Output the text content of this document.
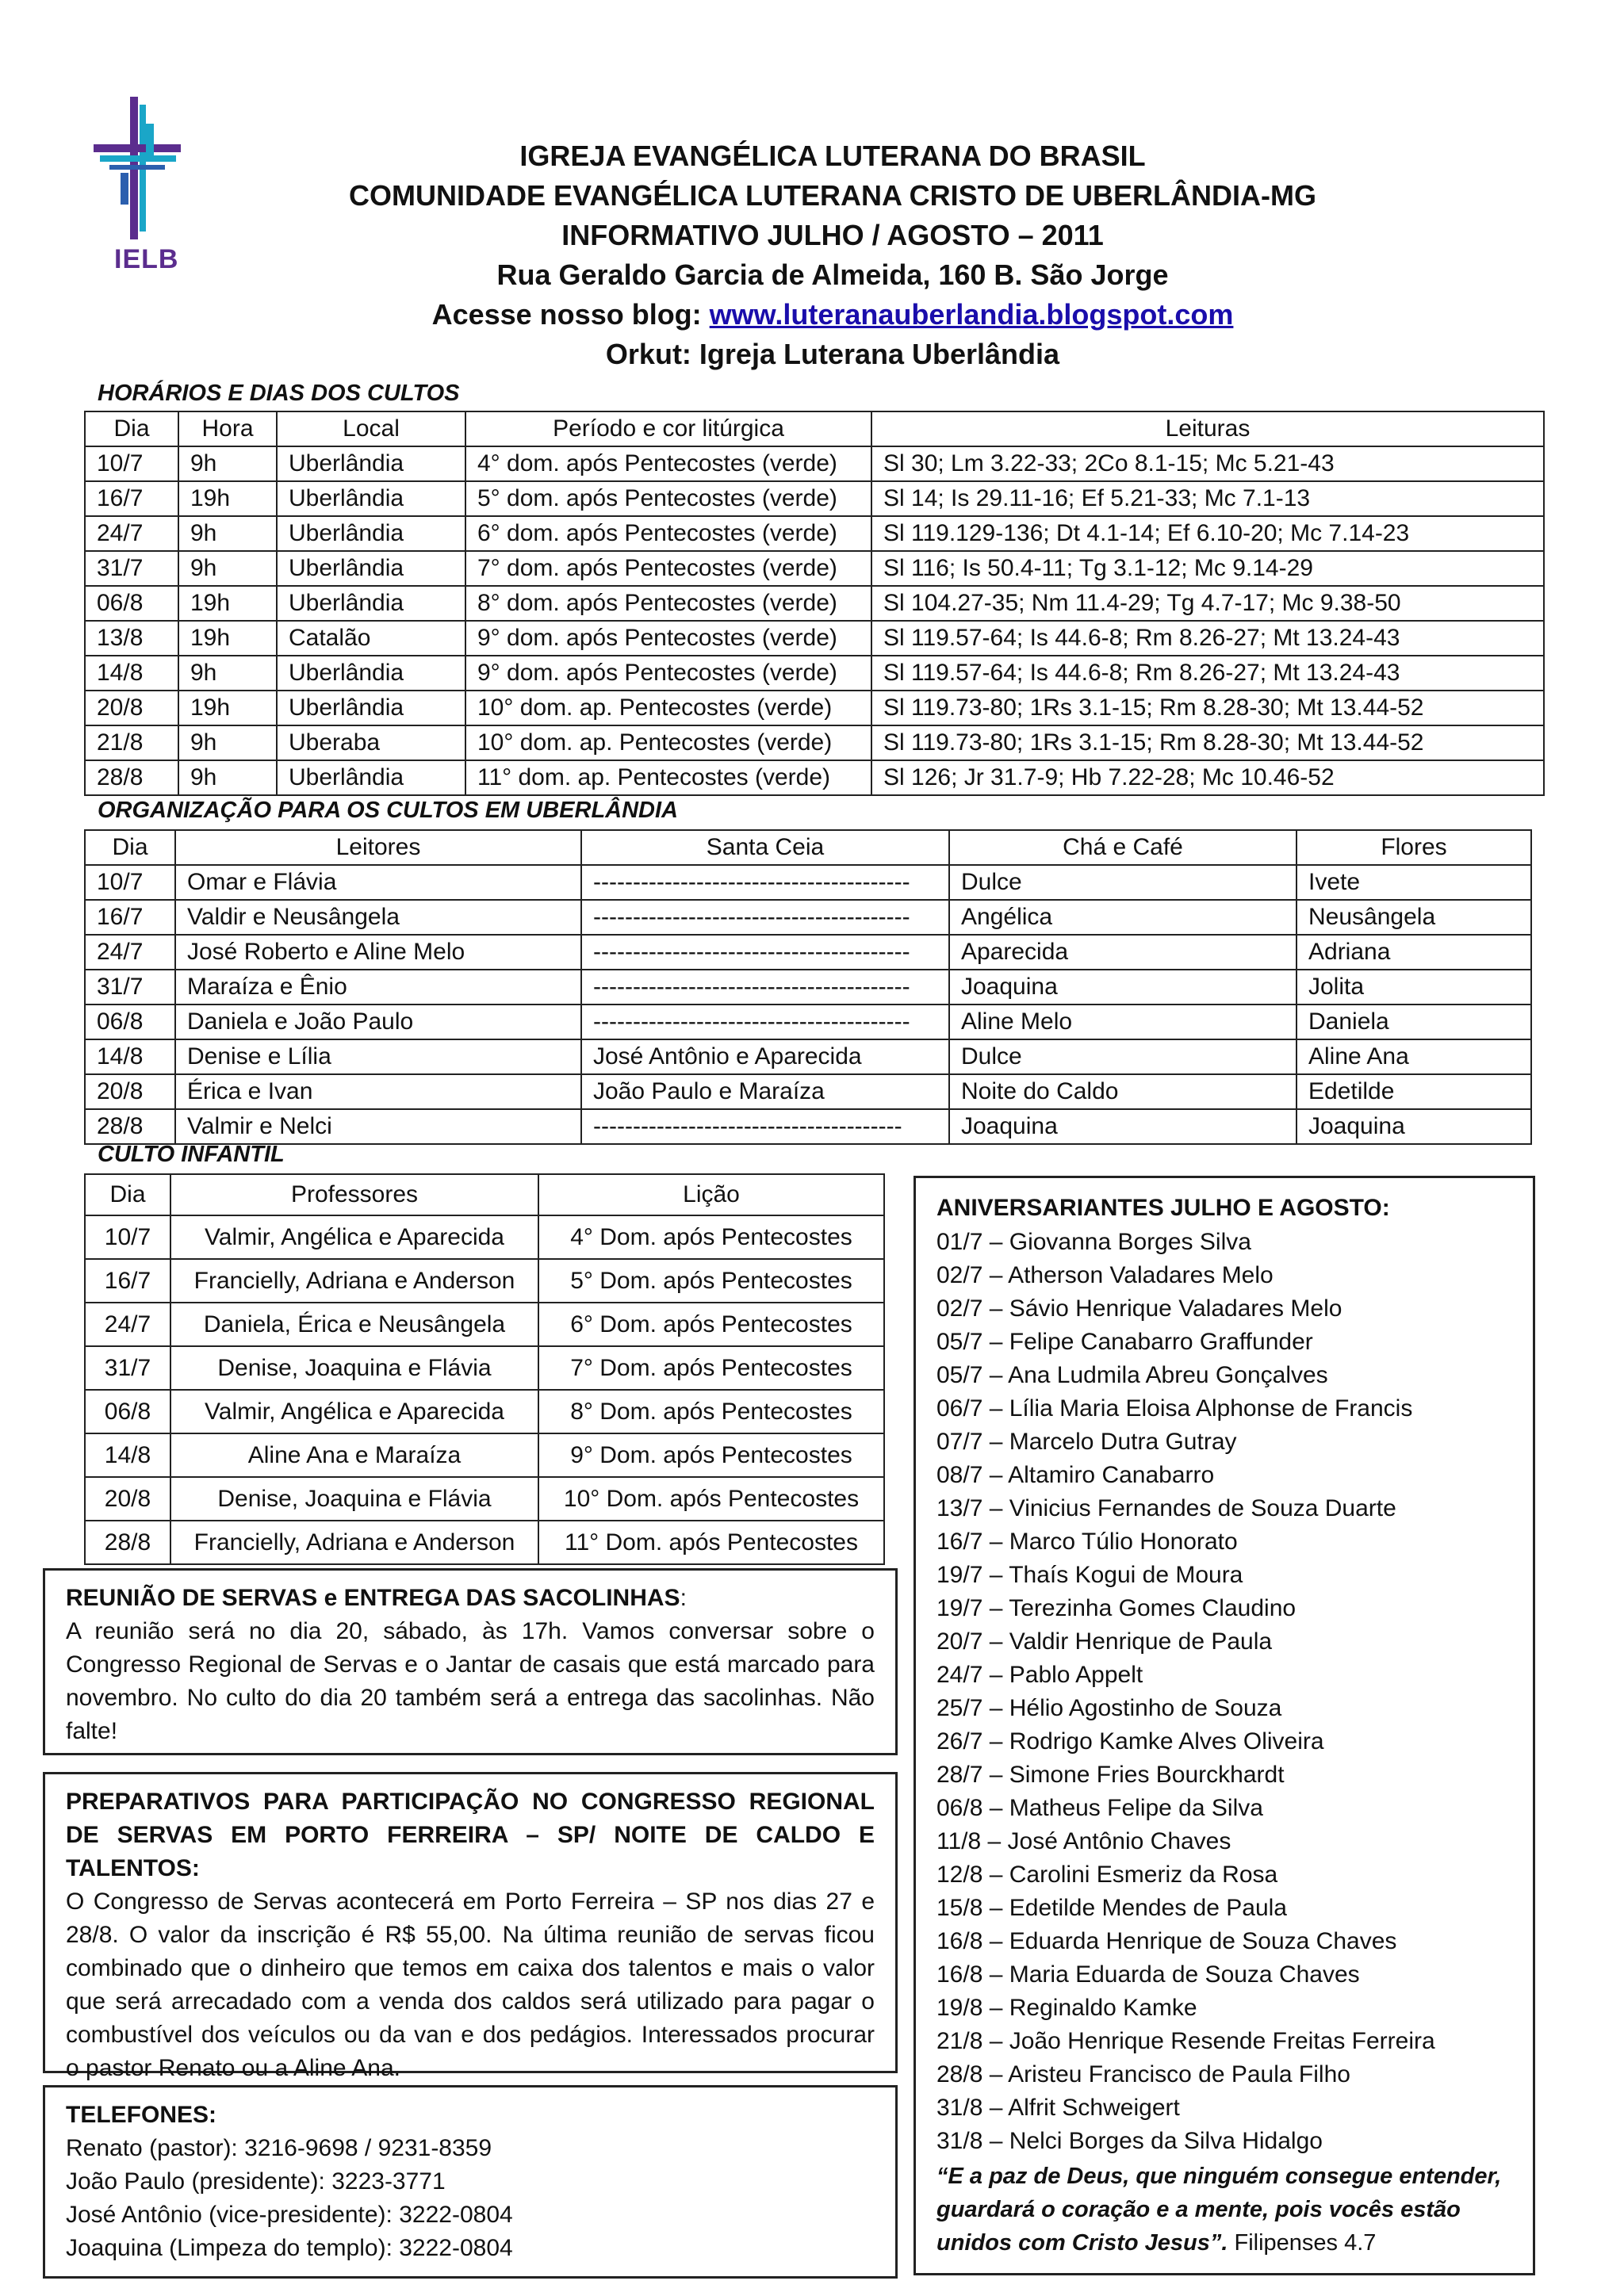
IELB
IGREJA EVANGÉLICA LUTERANA DO BRASIL
COMUNIDADE EVANGÉLICA LUTERANA CRISTO DE UBERLÂNDIA-MG
INFORMATIVO JULHO / AGOSTO – 2011
Rua Geraldo Garcia de Almeida, 160 B. São Jorge
Acesse nosso blog: www.luteranauberlandia.blogspot.com
Orkut: Igreja Luterana Uberlândia
HORÁRIOS E DIAS DOS CULTOS
Dia	Hora	Local	Período e cor litúrgica	Leituras
10/7	9h	Uberlândia	4° dom. após Pentecostes (verde)	Sl 30; Lm 3.22-33; 2Co 8.1-15; Mc 5.21-43
16/7	19h	Uberlândia	5° dom. após Pentecostes (verde)	Sl 14; Is 29.11-16; Ef 5.21-33; Mc 7.1-13
24/7	9h	Uberlândia	6° dom. após Pentecostes (verde)	Sl 119.129-136; Dt 4.1-14; Ef 6.10-20; Mc 7.14-23
31/7	9h	Uberlândia	7° dom. após Pentecostes (verde)	Sl 116; Is 50.4-11; Tg 3.1-12; Mc 9.14-29
06/8	19h	Uberlândia	8° dom. após Pentecostes (verde)	Sl 104.27-35; Nm 11.4-29; Tg 4.7-17; Mc 9.38-50
13/8	19h	Catalão	9° dom. após Pentecostes (verde)	Sl 119.57-64; Is 44.6-8; Rm 8.26-27; Mt 13.24-43
14/8	9h	Uberlândia	9° dom. após Pentecostes (verde)	Sl 119.57-64; Is 44.6-8; Rm 8.26-27; Mt 13.24-43
20/8	19h	Uberlândia	10° dom. ap. Pentecostes (verde)	Sl 119.73-80; 1Rs 3.1-15; Rm 8.28-30; Mt 13.44-52
21/8	9h	Uberaba	10° dom. ap. Pentecostes (verde)	Sl 119.73-80; 1Rs 3.1-15; Rm 8.28-30; Mt 13.44-52
28/8	9h	Uberlândia	11° dom. ap. Pentecostes (verde)	Sl 126; Jr 31.7-9; Hb 7.22-28; Mc 10.46-52
ORGANIZAÇÃO PARA OS CULTOS EM UBERLÂNDIA
Dia	Leitores	Santa Ceia	Chá e Café	Flores
10/7	Omar e Flávia	----------------------------------------	Dulce	Ivete
16/7	Valdir e Neusângela	----------------------------------------	Angélica	Neusângela
24/7	José Roberto e Aline Melo	----------------------------------------	Aparecida	Adriana
31/7	Maraíza e Ênio	----------------------------------------	Joaquina	Jolita
06/8	Daniela e João Paulo	----------------------------------------	Aline Melo	Daniela
14/8	Denise e Lília	José Antônio e Aparecida	Dulce	Aline Ana
20/8	Érica e Ivan	João Paulo e Maraíza	Noite do Caldo	Edetilde
28/8	Valmir e Nelci	---------------------------------------	Joaquina	Joaquina
CULTO INFANTIL
Dia	Professores	Lição
10/7	Valmir, Angélica e Aparecida	4° Dom. após Pentecostes
16/7	Francielly, Adriana e Anderson	5° Dom. após Pentecostes
24/7	Daniela, Érica e Neusângela	6° Dom. após Pentecostes
31/7	Denise, Joaquina e Flávia	7° Dom. após Pentecostes
06/8	Valmir, Angélica e Aparecida	8° Dom. após Pentecostes
14/8	Aline Ana e Maraíza	9° Dom. após Pentecostes
20/8	Denise, Joaquina e Flávia	10° Dom. após Pentecostes
28/8	Francielly, Adriana e Anderson	11° Dom. após Pentecostes
REUNIÃO DE SERVAS e ENTREGA DAS SACOLINHAS:
A reunião será no dia 20, sábado, às 17h. Vamos conversar sobre o Congresso Regional de Servas e o Jantar de casais que está marcado para novembro. No culto do dia 20 também será a entrega das sacolinhas. Não falte!
PREPARATIVOS PARA PARTICIPAÇÃO NO CONGRESSO REGIONAL DE SERVAS EM PORTO FERREIRA – SP/ NOITE DE CALDO E TALENTOS:
O Congresso de Servas acontecerá em Porto Ferreira – SP nos dias 27 e 28/8. O valor da inscrição é R$ 55,00. Na última reunião de servas ficou combinado que o dinheiro que temos em caixa dos talentos e mais o valor que será arrecadado com a venda dos caldos será utilizado para pagar o combustível dos veículos ou da van e dos pedágios. Interessados procurar o pastor Renato ou a Aline Ana.
TELEFONES:
Renato (pastor): 3216-9698 / 9231-8359
João Paulo (presidente): 3223-3771
José Antônio (vice-presidente): 3222-0804
Joaquina (Limpeza do templo): 3222-0804
ANIVERSARIANTES JULHO E AGOSTO:
01/7 – Giovanna Borges Silva
02/7 – Atherson Valadares Melo
02/7 – Sávio Henrique Valadares Melo
05/7 – Felipe Canabarro Graffunder
05/7 – Ana Ludmila Abreu Gonçalves
06/7 – Lília Maria Eloisa Alphonse de Francis
07/7 – Marcelo Dutra Gutray
08/7 – Altamiro Canabarro
13/7 – Vinicius Fernandes de Souza Duarte
16/7 – Marco Túlio Honorato
19/7 – Thaís Kogui de Moura
19/7 – Terezinha Gomes Claudino
20/7 – Valdir Henrique de Paula
24/7 – Pablo Appelt
25/7 – Hélio Agostinho de Souza
26/7 – Rodrigo Kamke Alves Oliveira
28/7 – Simone Fries Bourckhardt
06/8 – Matheus Felipe da Silva
11/8 – José Antônio Chaves
12/8 – Carolini Esmeriz da Rosa
15/8 – Edetilde Mendes de Paula
16/8 – Eduarda Henrique de Souza Chaves
16/8 – Maria Eduarda de Souza Chaves
19/8 – Reginaldo Kamke
21/8 – João Henrique Resende Freitas Ferreira
28/8 – Aristeu Francisco de Paula Filho
31/8 – Alfrit Schweigert
31/8 – Nelci Borges da Silva Hidalgo
“E a paz de Deus, que ninguém consegue entender, guardará o coração e a mente, pois vocês estão unidos com Cristo Jesus”. Filipenses 4.7
